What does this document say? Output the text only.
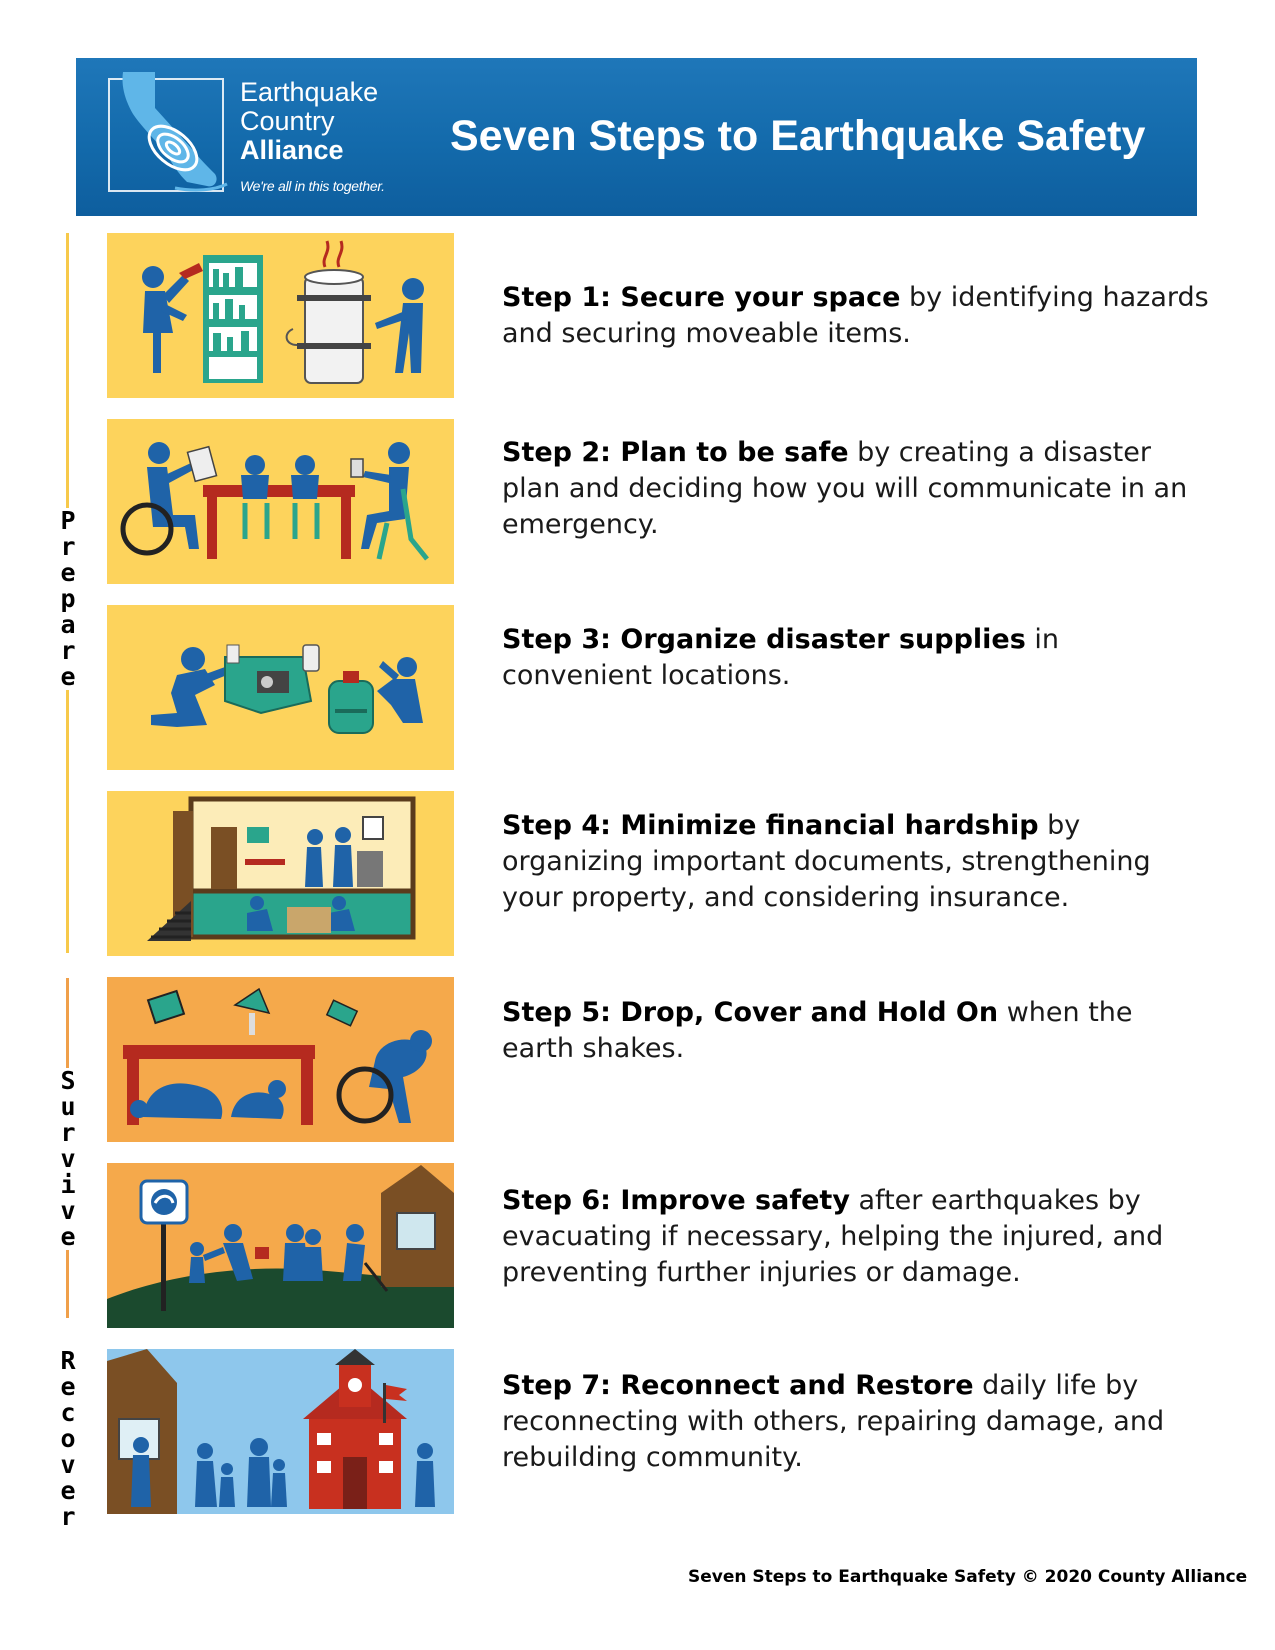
Earthquake
Country
Alliance
We're all in this together.
Seven Steps to Earthquake Safety
P
r
e
p
a
r
e
S
u
r
v
i
v
e
R
e
c
o
v
e
r
Step 1: Secure your space by identifying hazards and securing moveable items.
Step 2: Plan to be safe by creating a disaster plan and deciding how you will communicate in an emergency.
Step 3: Organize disaster supplies in convenient locations.
Step 4: Minimize financial hardship by organizing important documents, strengthening your property, and considering insurance.
Step 5: Drop, Cover and Hold On when the earth shakes.
Step 6: Improve safety after earthquakes by evacuating if necessary, helping the injured, and preventing further injuries or damage.
Step 7: Reconnect and Restore daily life by reconnecting with others, repairing damage, and rebuilding community.
Seven Steps to Earthquake Safety © 2020 County Alliance
